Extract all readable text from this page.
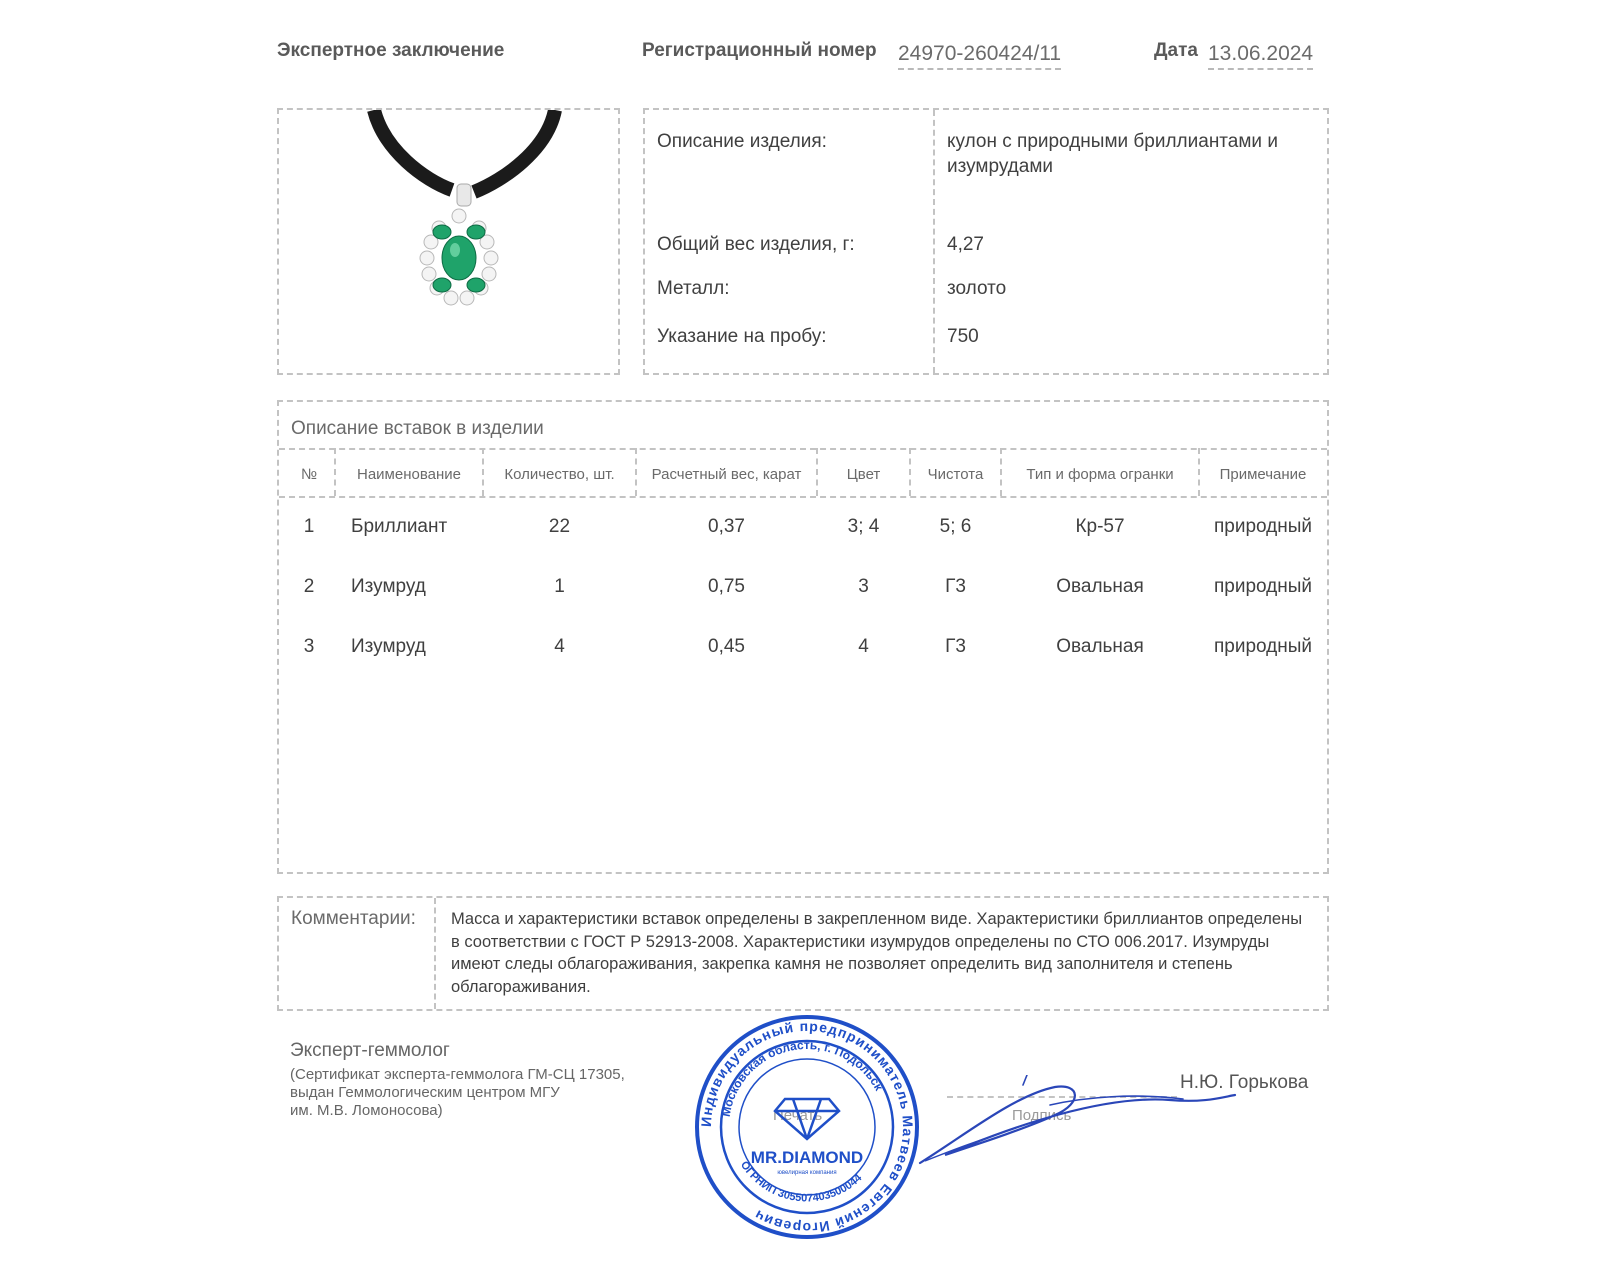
Экспертное заключение	Регистрационный номер 24970-260424/11	Дата 13.06.2024
Описание изделия:	кулон с природными бриллиантами и изумрудами
Общий вес изделия, г:	4,27
Металл:	золото
Указание на пробу:	750
Описание вставок в изделии
№	Наименование	Количество, шт.	Расчетный вес, карат	Цвет	Чистота	Тип и форма огранки	Примечание
1	Бриллиант	22	0,37	3; 4	5; 6	Кр-57	природный
2	Изумруд	1	0,75	3	Г3	Овальная	природный
3	Изумруд	4	0,45	4	Г3	Овальная	природный
Комментарии: Масса и характеристики вставок определены в закрепленном виде. Характеристики бриллиантов определены в соответствии с ГОСТ Р 52913-2008. Характеристики изумрудов определены по СТО 006.2017. Изумруды имеют следы облагораживания, закрепка камня не позволяет определить вид заполнителя и степень облагораживания.
Эксперт-геммолог
(Сертификат эксперта-геммолога ГМ-СЦ 17305,
выдан Геммологическим центром МГУ
им. М.В. Ломоносова)	Печать	Подпись
Н.Ю. Горькова
Индивидуальный предприниматель Матвеев Евгений Игоревич
Московская область, г. Подольск
ОГРНИП 305507403500044
MR.DIAMOND
ювелирная компания
